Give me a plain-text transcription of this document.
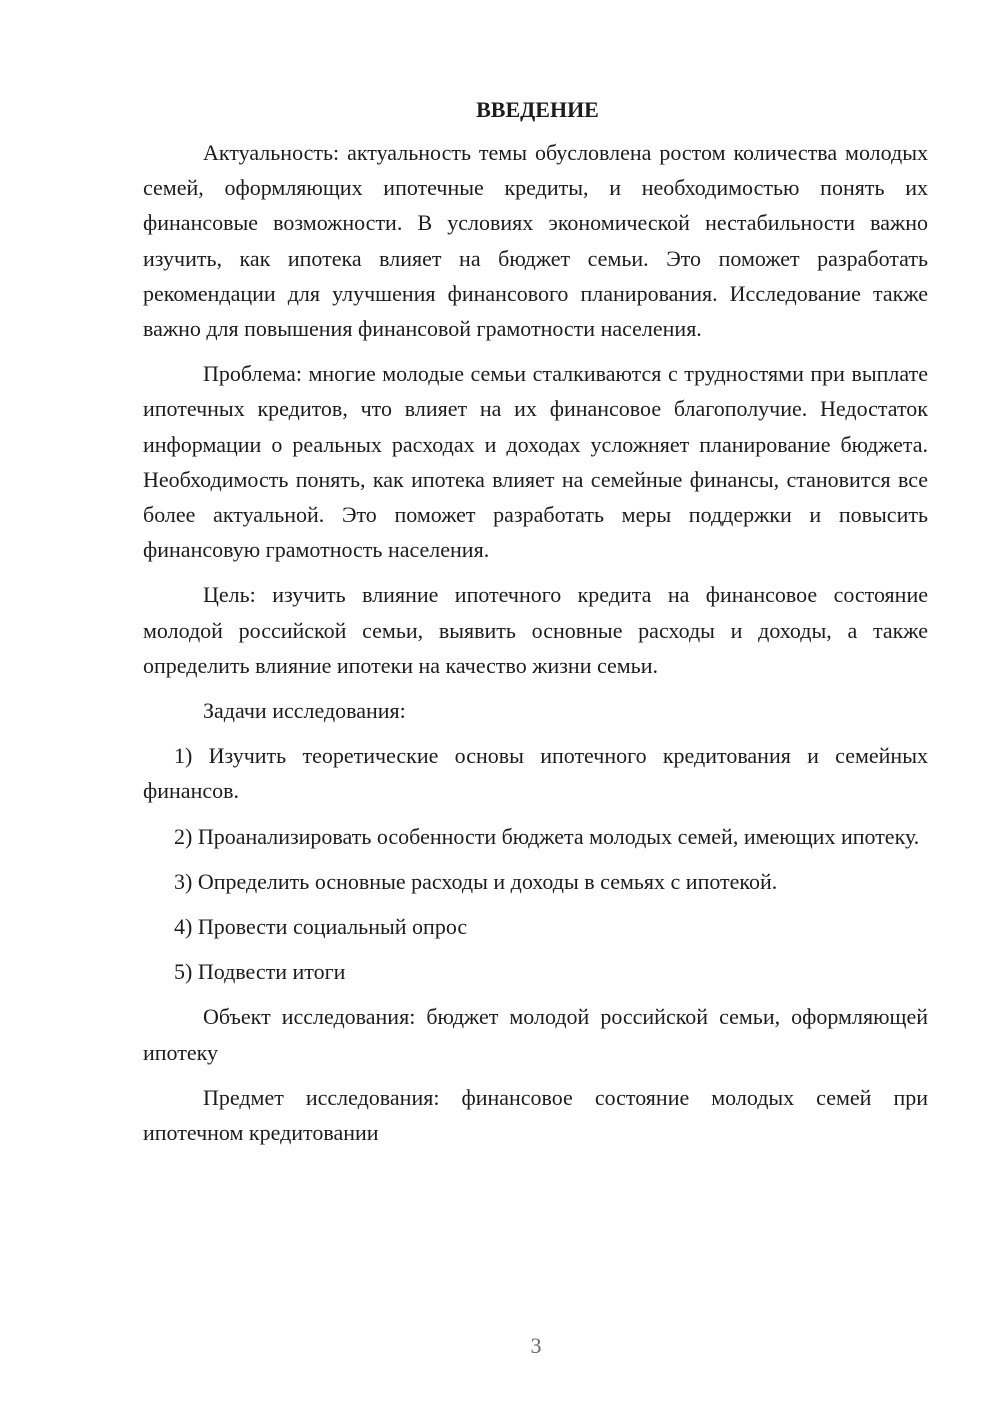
ВВЕДЕНИЕ

Актуальность: актуальность темы обусловлена ростом количества молодых семей, оформляющих ипотечные кредиты, и необходимостью понять их финансовые возможности. В условиях экономической нестабильности важно изучить, как ипотека влияет на бюджет семьи. Это поможет разработать рекомендации для улучшения финансового планирования. Исследование также важно для повышения финансовой грамотности населения.

Проблема: многие молодые семьи сталкиваются с трудностями при выплате ипотечных кредитов, что влияет на их финансовое благополучие. Недостаток информации о реальных расходах и доходах усложняет планирование бюджета. Необходимость понять, как ипотека влияет на семейные финансы, становится все более актуальной. Это поможет разработать меры поддержки и повысить финансовую грамотность населения.

Цель: изучить влияние ипотечного кредита на финансовое состояние молодой российской семьи, выявить основные расходы и доходы, а также определить влияние ипотеки на качество жизни семьи.

Задачи исследования:

1) Изучить теоретические основы ипотечного кредитования и семейных финансов.

2) Проанализировать особенности бюджета молодых семей, имеющих ипотеку.

3) Определить основные расходы и доходы в семьях с ипотекой.

4) Провести социальный опрос

5) Подвести итоги

Объект исследования: бюджет молодой российской семьи, оформляющей ипотеку

Предмет исследования: финансовое состояние молодых семей при ипотечном кредитовании

3
